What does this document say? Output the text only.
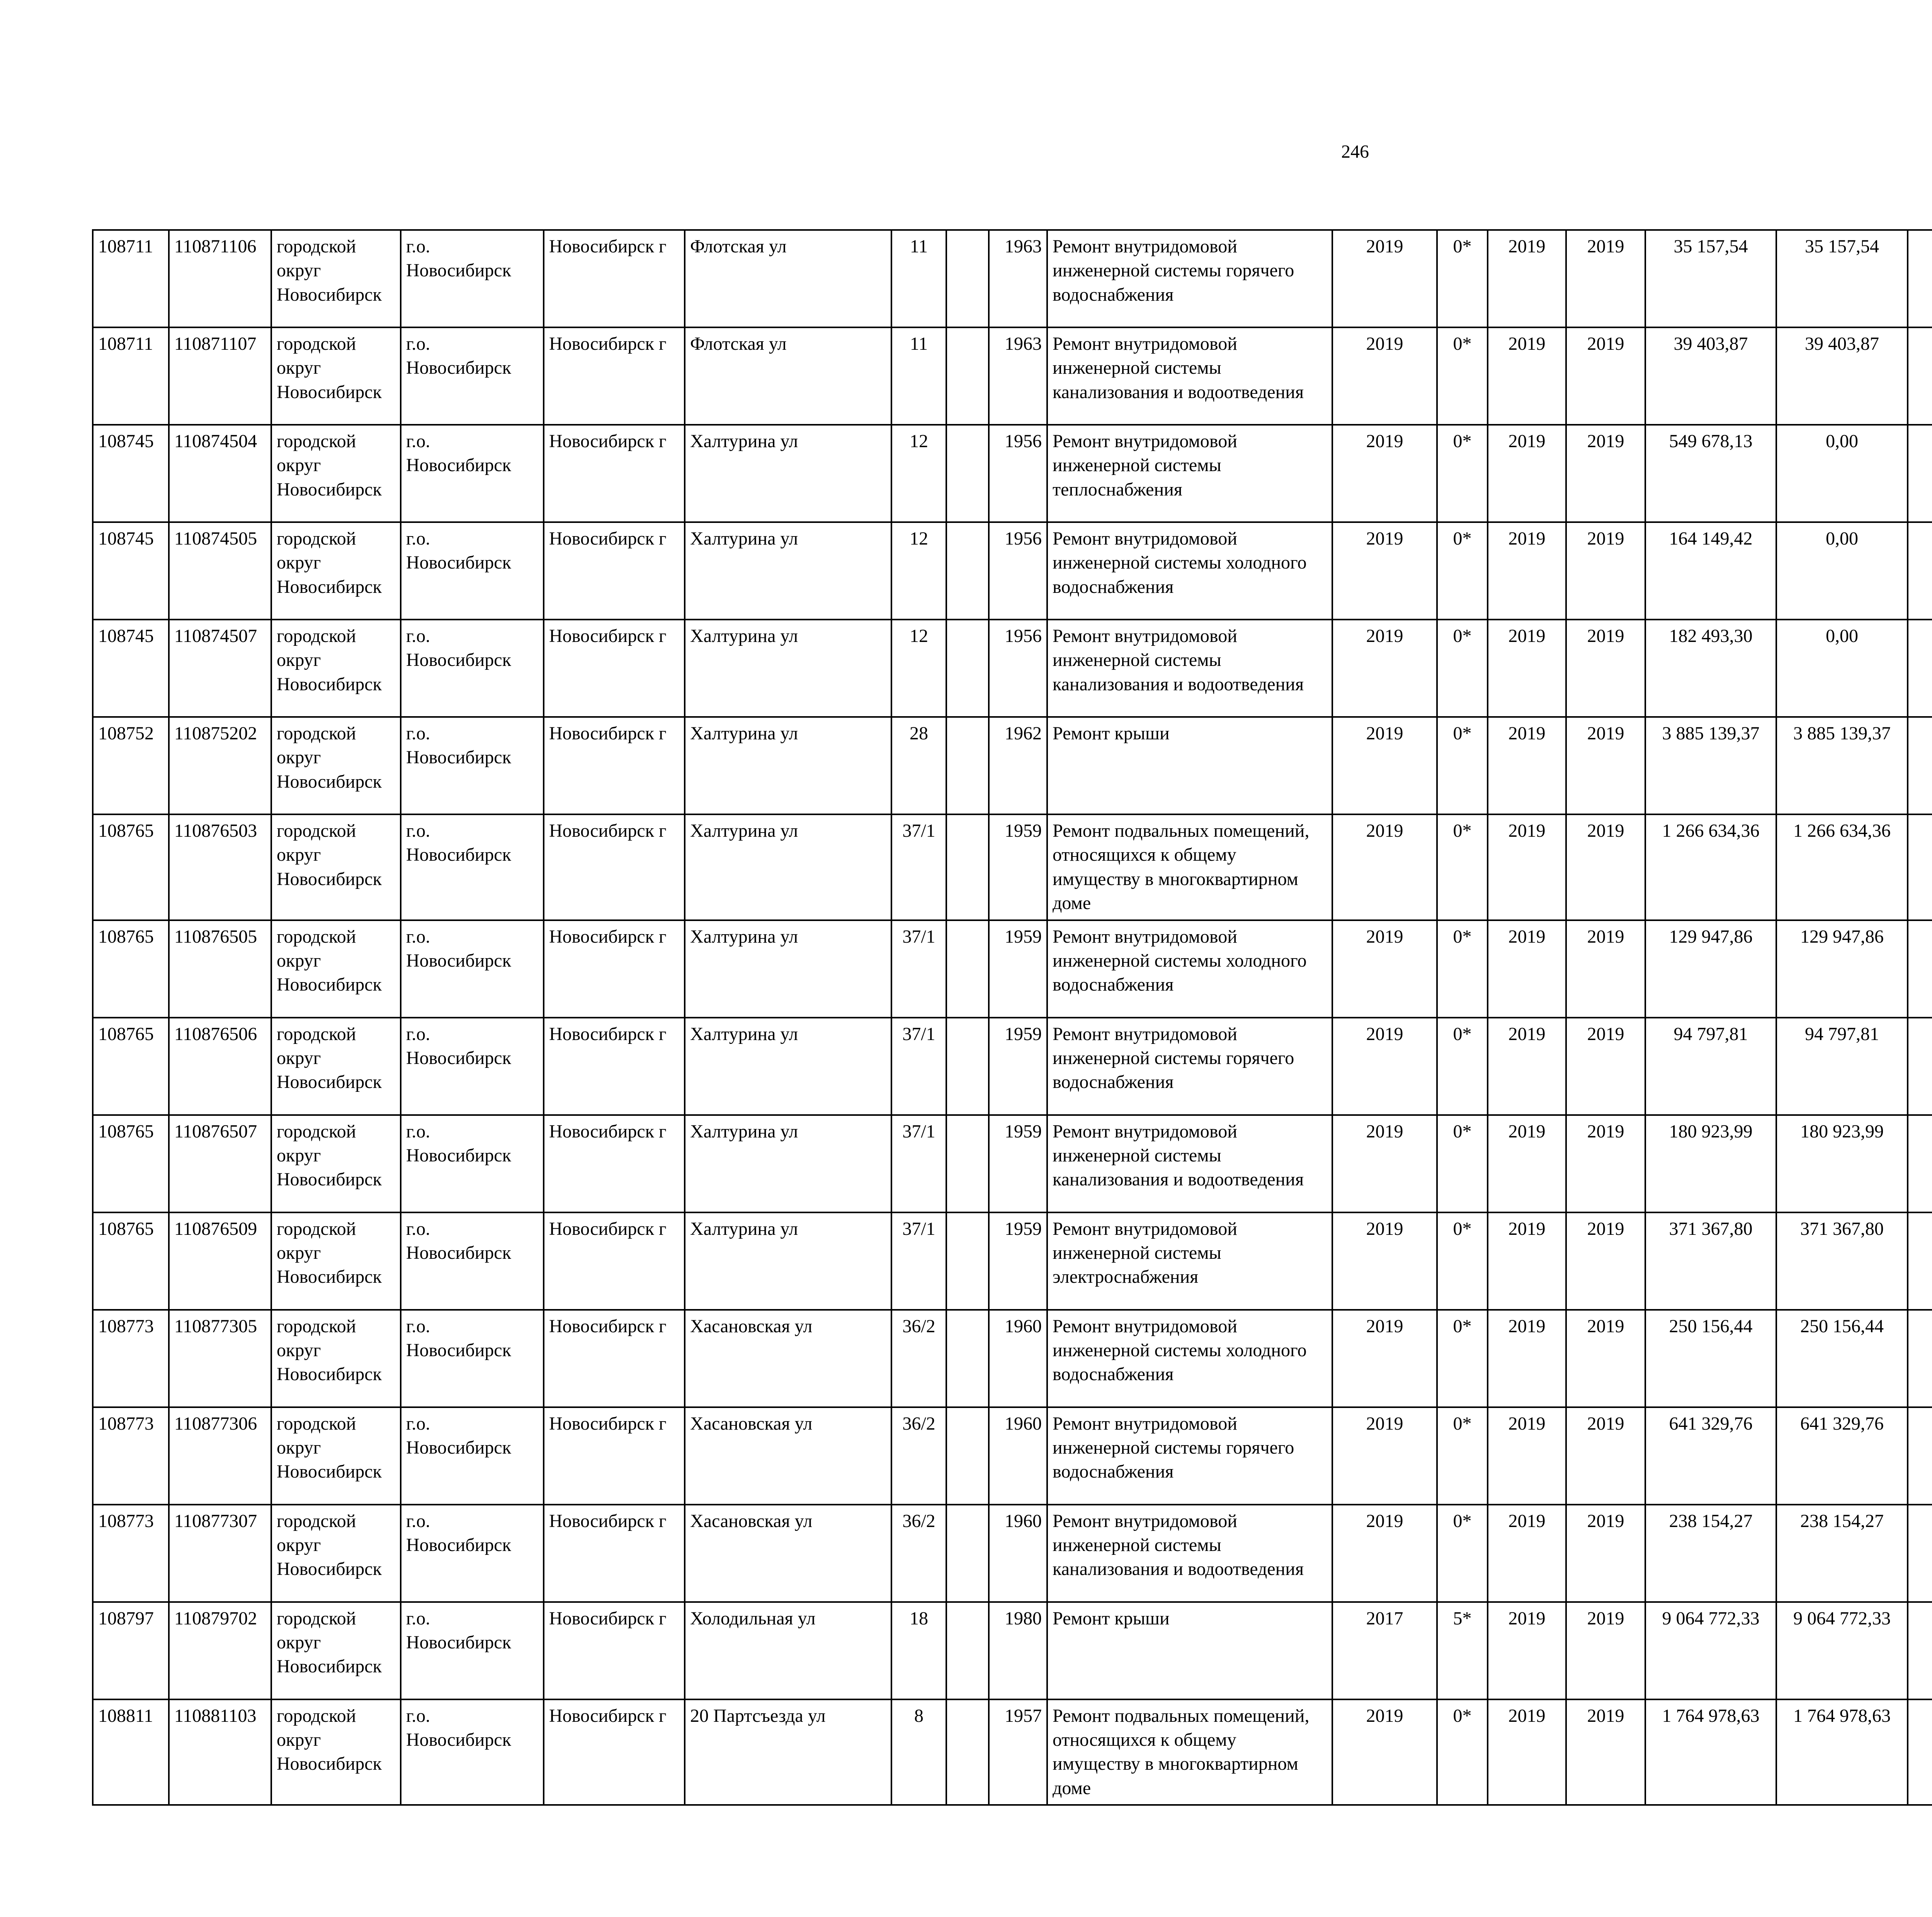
246
108711	110871106	городской округ Новосибирск	г.о. Новосибирск	Новосибирск г	Флотская ул	11		1963	Ремонт внутридомовой инженерной системы горячего водоснабжения	2019	0*	2019	2019	35 157,54	35 157,54						
108711	110871107	городской округ Новосибирск	г.о. Новосибирск	Новосибирск г	Флотская ул	11		1963	Ремонт внутридомовой инженерной системы канализования и водоотведения	2019	0*	2019	2019	39 403,87	39 403,87						
108745	110874504	городской округ Новосибирск	г.о. Новосибирск	Новосибирск г	Халтурина ул	12		1956	Ремонт внутридомовой инженерной системы теплоснабжения	2019	0*	2019	2019	549 678,13	0,00						
108745	110874505	городской округ Новосибирск	г.о. Новосибирск	Новосибирск г	Халтурина ул	12		1956	Ремонт внутридомовой инженерной системы холодного водоснабжения	2019	0*	2019	2019	164 149,42	0,00						
108745	110874507	городской округ Новосибирск	г.о. Новосибирск	Новосибирск г	Халтурина ул	12		1956	Ремонт внутридомовой инженерной системы канализования и водоотведения	2019	0*	2019	2019	182 493,30	0,00						
108752	110875202	городской округ Новосибирск	г.о. Новосибирск	Новосибирск г	Халтурина ул	28		1962	Ремонт крыши	2019	0*	2019	2019	3 885 139,37	3 885 139,37						
108765	110876503	городской округ Новосибирск	г.о. Новосибирск	Новосибирск г	Халтурина ул	37/1		1959	Ремонт подвальных помещений, относящихся к общему имуществу в многоквартирном доме	2019	0*	2019	2019	1 266 634,36	1 266 634,36						
108765	110876505	городской округ Новосибирск	г.о. Новосибирск	Новосибирск г	Халтурина ул	37/1		1959	Ремонт внутридомовой инженерной системы холодного водоснабжения	2019	0*	2019	2019	129 947,86	129 947,86						
108765	110876506	городской округ Новосибирск	г.о. Новосибирск	Новосибирск г	Халтурина ул	37/1		1959	Ремонт внутридомовой инженерной системы горячего водоснабжения	2019	0*	2019	2019	94 797,81	94 797,81						
108765	110876507	городской округ Новосибирск	г.о. Новосибирск	Новосибирск г	Халтурина ул	37/1		1959	Ремонт внутридомовой инженерной системы канализования и водоотведения	2019	0*	2019	2019	180 923,99	180 923,99						
108765	110876509	городской округ Новосибирск	г.о. Новосибирск	Новосибирск г	Халтурина ул	37/1		1959	Ремонт внутридомовой инженерной системы электроснабжения	2019	0*	2019	2019	371 367,80	371 367,80						
108773	110877305	городской округ Новосибирск	г.о. Новосибирск	Новосибирск г	Хасановская ул	36/2		1960	Ремонт внутридомовой инженерной системы холодного водоснабжения	2019	0*	2019	2019	250 156,44	250 156,44						
108773	110877306	городской округ Новосибирск	г.о. Новосибирск	Новосибирск г	Хасановская ул	36/2		1960	Ремонт внутридомовой инженерной системы горячего водоснабжения	2019	0*	2019	2019	641 329,76	641 329,76						
108773	110877307	городской округ Новосибирск	г.о. Новосибирск	Новосибирск г	Хасановская ул	36/2		1960	Ремонт внутридомовой инженерной системы канализования и водоотведения	2019	0*	2019	2019	238 154,27	238 154,27						
108797	110879702	городской округ Новосибирск	г.о. Новосибирск	Новосибирск г	Холодильная ул	18		1980	Ремонт крыши	2017	5*	2019	2019	9 064 772,33	9 064 772,33						
108811	110881103	городской округ Новосибирск	г.о. Новосибирск	Новосибирск г	20 Партсъезда ул	8		1957	Ремонт подвальных помещений, относящихся к общему имуществу в многоквартирном доме	2019	0*	2019	2019	1 764 978,63	1 764 978,63						
